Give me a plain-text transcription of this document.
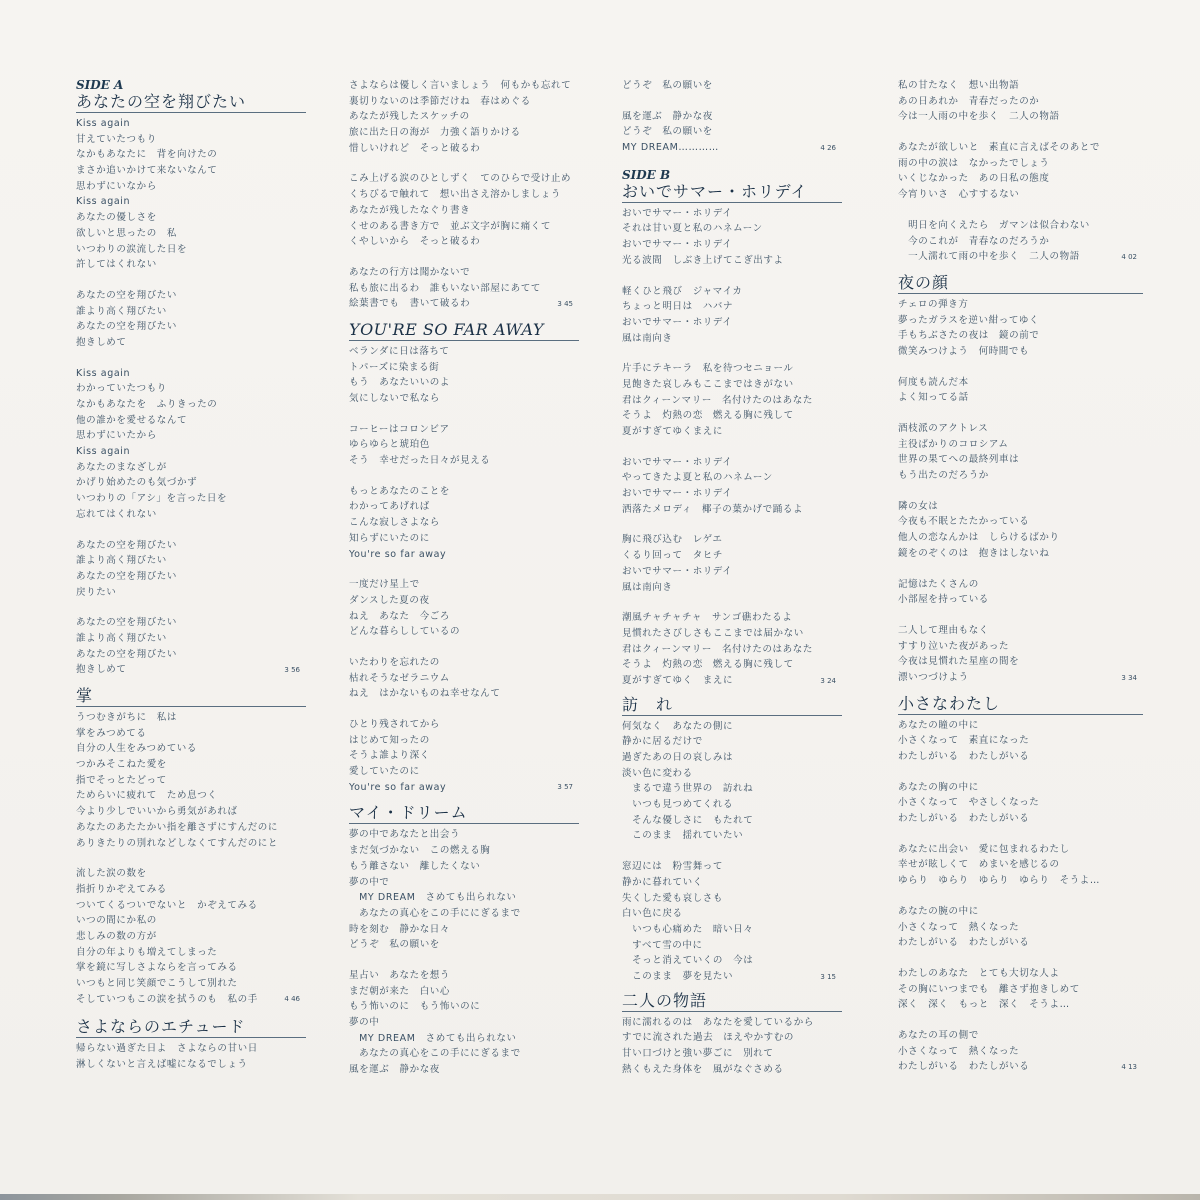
SIDE A
あなたの空を翔びたい
Kiss again
甘えていたつもり
なかもあなたに　背を向けたの
まさか追いかけて来ないなんて
思わずにいなから
Kiss again
あなたの優しさを
欲しいと思ったの　私
いつわりの涙流した日を
許してはくれない
あなたの空を翔びたい
誰より高く翔びたい
あなたの空を翔びたい
抱きしめて
Kiss again
わかっていたつもり
なかもあなたを　ふりきったの
他の誰かを愛せるなんて
思わずにいたから
Kiss again
あなたのまなざしが
かげり始めたのも気づかず
いつわりの「アシ」を言った日を
忘れてはくれない
あなたの空を翔びたい
誰より高く翔びたい
あなたの空を翔びたい
戻りたい
あなたの空を翔びたい
誰より高く翔びたい
あなたの空を翔びたい
抱きしめて	3 56
掌
うつむきがちに　私は
掌をみつめてる
自分の人生をみつめている
つかみそこねた愛を
指でそっとたどって
ためらいに疲れて　ため息つく
今より少しでいいから勇気があれば
あなたのあたたかい指を離さずにすんだのに
ありきたりの別れなどしなくてすんだのにと
流した涙の数を
指折りかぞえてみる
ついてくるついでないと　かぞえてみる
いつの間にか私の
悲しみの数の方が
自分の年よりも増えてしまった
掌を鏡に写しさよならを言ってみる
いつもと同じ笑顔でこうして別れた
そしていつもこの涙を拭うのも　私の手	4 46
さよならのエチュード
帰らない過ぎた日よ　さよならの甘い日
淋しくないと言えば嘘になるでしょう
さよならは優しく言いましょう　何もかも忘れて
裏切りないのは季節だけね　春はめぐる
あなたが残したスケッチの
旅に出た日の海が　力強く語りかける
惜しいけれど　そっと破るわ
こみ上げる涙のひとしずく　てのひらで受け止め
くちびるで触れて　想い出さえ溶かしましょう
あなたが残したなぐり書き
くせのある書き方で　並ぶ文字が胸に痛くて
くやしいから　そっと破るわ
あなたの行方は聞かないで
私も旅に出るわ　誰もいない部屋にあてて
絵葉書でも　書いて破るわ	3 45
YOU'RE SO FAR AWAY
ベランダに日は落ちて
トパーズに染まる街
もう　あなたいいのよ
気にしないで私なら
コーヒーはコロンビア
ゆらゆらと琥珀色
そう　幸せだった日々が見える
もっとあなたのことを
わかってあげれば
こんな寂しさよなら
知らずにいたのに
You're so far away
一度だけ星上で
ダンスした夏の夜
ねえ　あなた　今ごろ
どんな暮らししているの
いたわりを忘れたの
枯れそうなゼラニウム
ねえ　はかないものね幸せなんて
ひとり残されてから
はじめて知ったの
そうよ誰より深く
愛していたのに
You're so far away	3 57
マイ・ドリーム
夢の中であなたと出会う
まだ気づかない　この燃える胸
もう離さない　離したくない
夢の中で
　MY DREAM　さめても出られない
　あなたの真心をこの手ににぎるまで
時を刻む　静かな日々
どうぞ　私の願いを
星占い　あなたを想う
まだ朝が来た　白い心
もう怖いのに　もう怖いのに
夢の中
　MY DREAM　さめても出られない
　あなたの真心をこの手ににぎるまで
風を運ぶ　静かな夜
どうぞ　私の願いを
風を運ぶ　静かな夜
どうぞ　私の願いを
MY DREAM…………	4 26
SIDE B
おいでサマー・ホリデイ
おいでサマー・ホリデイ
それは甘い夏と私のハネムーン
おいでサマー・ホリデイ
光る波間　しぶき上げてこぎ出すよ
軽くひと飛び　ジャマイカ
ちょっと明日は　ハバナ
おいでサマー・ホリデイ
風は南向き
片手にテキーラ　私を待つセニョール
見飽きた哀しみもここまではきがない
君はクィーンマリー　名付けたのはあなた
そうよ　灼熱の恋　燃える胸に残して
夏がすぎてゆくまえに
おいでサマー・ホリデイ
やってきたよ夏と私のハネムーン
おいでサマー・ホリデイ
洒落たメロディ　椰子の葉かげで踊るよ
胸に飛び込む　レゲエ
くるり回って　タヒチ
おいでサマー・ホリデイ
風は南向き
潮風チャチャチャ　サンゴ礁わたるよ
見慣れたさびしさもここまでは届かない
君はクィーンマリー　名付けたのはあなた
そうよ　灼熱の恋　燃える胸に残して
夏がすぎてゆく　まえに	3 24
訪　れ
何気なく　あなたの側に
静かに居るだけで
過ぎたあの日の哀しみは
淡い色に変わる
　まるで違う世界の　訪れね
　いつも見つめてくれる
　そんな優しさに　もたれて
　このまま　揺れていたい
窓辺には　粉雪舞って
静かに暮れていく
失くした愛も哀しさも
白い色に戻る
　いつも心痛めた　暗い日々
　すべて雪の中に
　そっと消えていくの　今は
　このまま　夢を見たい	3 15
二人の物語
雨に濡れるのは　あなたを愛しているから
すでに流された過去　ほえやかすむの
甘い口づけと強い夢ごに　別れて
熱くもえた身体を　風がなぐさめる
私の甘たなく　想い出物語
あの日あれか　青春だったのか
今は一人雨の中を歩く　二人の物語
あなたが欲しいと　素直に言えばそのあとで
雨の中の涙は　なかったでしょう
いくじなかった　あの日私の態度
今宵りいさ　心すするない
　明日を向くえたら　ガマンは似合わない
　今のこれが　青春なのだろうか
　一人濡れて雨の中を歩く　二人の物語	4 02
夜の顔
チェロの弾き方
夢ったガラスを逆い紺ってゆく
手もちぶさたの夜は　鏡の前で
微笑みつけよう　何時間でも
何度も読んだ本
よく知ってる話
酒枝派のアクトレス
主役ばかりのコロシアム
世界の果てへの最終列車は
もう出たのだろうか
隣の女は
今夜も不眠とたたかっている
他人の恋なんかは　しらけるばかり
鏡をのぞくのは　抱きはしないね
記憶はたくさんの
小部屋を持っている
二人して理由もなく
すすり泣いた夜があった
今夜は見慣れた星座の間を
漂いつづけよう	3 34
小さなわたし
あなたの瞳の中に
小さくなって　素直になった
わたしがいる　わたしがいる
あなたの胸の中に
小さくなって　やさしくなった
わたしがいる　わたしがいる
あなたに出会い　愛に包まれるわたし
幸せが眩しくて　めまいを感じるの
ゆらり　ゆらり　ゆらり　ゆらり　そうよ…
あなたの腕の中に
小さくなって　熱くなった
わたしがいる　わたしがいる
わたしのあなた　とても大切な人よ
その胸にいつまでも　離さず抱きしめて
深く　深く　もっと　深く　そうよ…
あなたの耳の側で
小さくなって　熱くなった
わたしがいる　わたしがいる	4 13
